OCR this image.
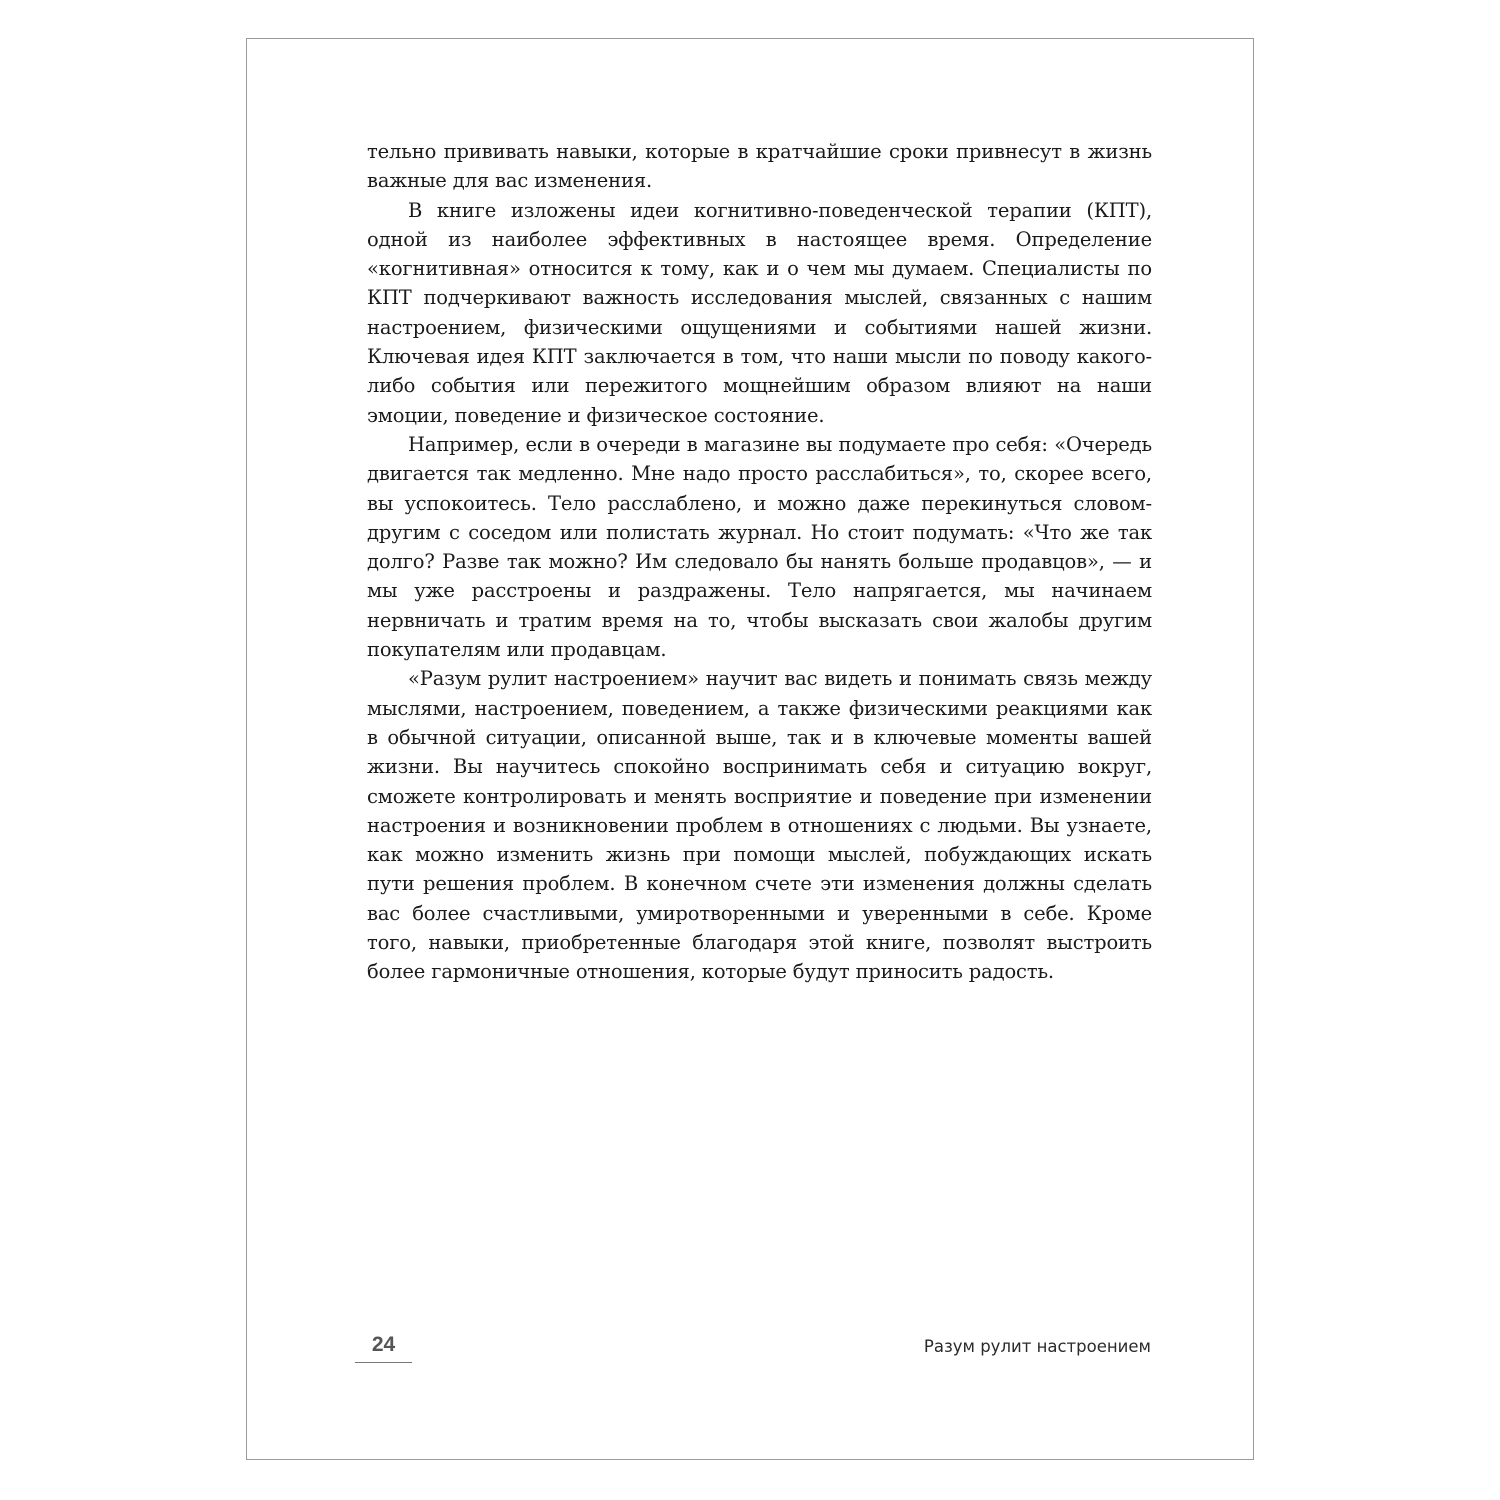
тельно прививать навыки, которые в кратчайшие сроки привнесут в жизнь важные для вас изменения.

В книге изложены идеи когнитивно-поведенческой терапии (КПТ), одной из наиболее эффективных в настоящее время. Определение «когнитивная» относится к тому, как и о чем мы думаем. Специалисты по КПТ подчеркивают важность исследования мыслей, связанных с нашим настроением, физическими ощущениями и событиями нашей жизни. Ключевая идея КПТ заключается в том, что наши мысли по поводу какого-либо события или пережитого мощнейшим образом влияют на наши эмоции, поведение и физическое состояние.

Например, если в очереди в магазине вы подумаете про себя: «Очередь двигается так медленно. Мне надо просто расслабиться», то, скорее всего, вы успокоитесь. Тело расслаблено, и можно даже перекинуться словом-другим с соседом или полистать журнал. Но стоит подумать: «Что же так долго? Разве так можно? Им следовало бы нанять больше продавцов», — и мы уже расстроены и раздражены. Тело напрягается, мы начинаем нервничать и тратим время на то, чтобы высказать свои жалобы другим покупателям или продавцам.

«Разум рулит настроением» научит вас видеть и понимать связь между мыслями, настроением, поведением, а также физическими реакциями как в обычной ситуации, описанной выше, так и в ключевые моменты вашей жизни. Вы научитесь спокойно воспринимать себя и ситуацию вокруг, сможете контролировать и менять восприятие и поведение при изменении настроения и возникновении проблем в отношениях с людьми. Вы узнаете, как можно изменить жизнь при помощи мыслей, побуждающих искать пути решения проблем. В конечном счете эти изменения должны сделать вас более счастливыми, умиротворенными и уверенными в себе. Кроме того, навыки, приобретенные благодаря этой книге, позволят выстроить более гармоничные отношения, которые будут приносить радость.

24	Разум рулит настроением
